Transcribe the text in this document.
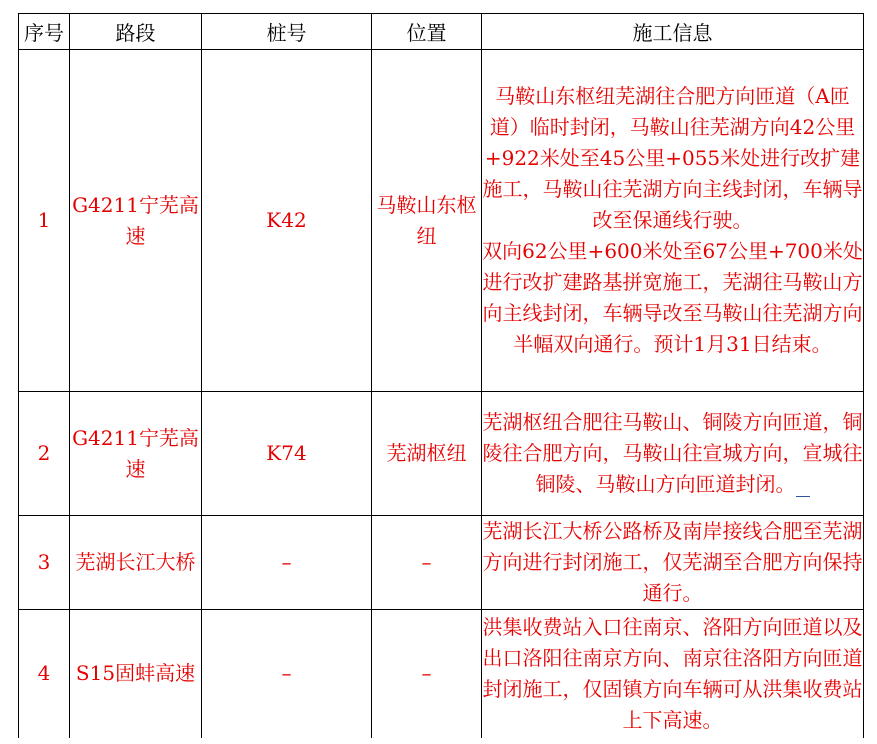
序号	路段	桩号	位置	施工信息
1	G4211宁芜高速	K42	马鞍山东枢纽	马鞍山东枢纽芜湖往合肥方向匝道（A匝道）临时封闭，马鞍山往芜湖方向42公里+922米处至45公里+055米处进行改扩建施工，马鞍山往芜湖方向主线封闭，车辆导改至保通线行驶。
双向62公里+600米处至67公里+700米处进行改扩建路基拼宽施工，芜湖往马鞍山方向主线封闭，车辆导改至马鞍山往芜湖方向半幅双向通行。预计1月31日结束。

2	G4211宁芜高速	K74	芜湖枢纽	芜湖枢纽合肥往马鞍山、铜陵方向匝道，铜陵往合肥方向，马鞍山往宣城方向，宣城往铜陵、马鞍山方向匝道封闭。

3	芜湖长江大桥	–	–	芜湖长江大桥公路桥及南岸接线合肥至芜湖方向进行封闭施工，仅芜湖至合肥方向保持通行。

4	S15固蚌高速	–	–	洪集收费站入口往南京、洛阳方向匝道以及出口洛阳往南京方向、南京往洛阳方向匝道封闭施工，仅固镇方向车辆可从洪集收费站上下高速。
